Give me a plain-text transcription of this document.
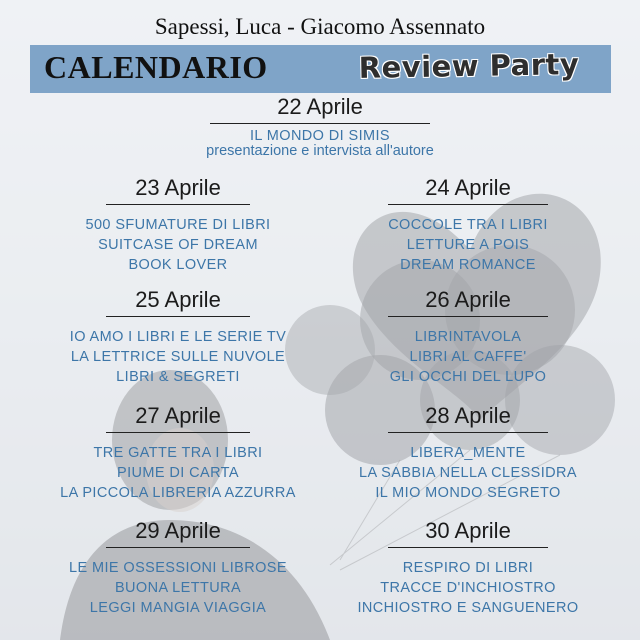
Sapessi, Luca - Giacomo Assennato
CALENDARIO	Review Party
22 Aprile
IL MONDO DI SIMIS
presentazione e intervista all'autore
23 Aprile
500 SFUMATURE DI LIBRI
SUITCASE OF DREAM
BOOK LOVER
24 Aprile
COCCOLE TRA I LIBRI
LETTURE A POIS
DREAM ROMANCE
25 Aprile
IO AMO I LIBRI E LE SERIE TV
LA LETTRICE SULLE NUVOLE
LIBRI & SEGRETI
26 Aprile
LIBRINTAVOLA
LIBRI AL CAFFE'
GLI OCCHI DEL LUPO
27 Aprile
TRE GATTE TRA I LIBRI
PIUME DI CARTA
LA PICCOLA LIBRERIA AZZURRA
28 Aprile
LIBERA_MENTE
LA SABBIA NELLA CLESSIDRA
IL MIO MONDO SEGRETO
29 Aprile
LE MIE OSSESSIONI LIBROSE
BUONA LETTURA
LEGGI MANGIA VIAGGIA
30 Aprile
RESPIRO DI LIBRI
TRACCE D'INCHIOSTRO
INCHIOSTRO E SANGUENERO
